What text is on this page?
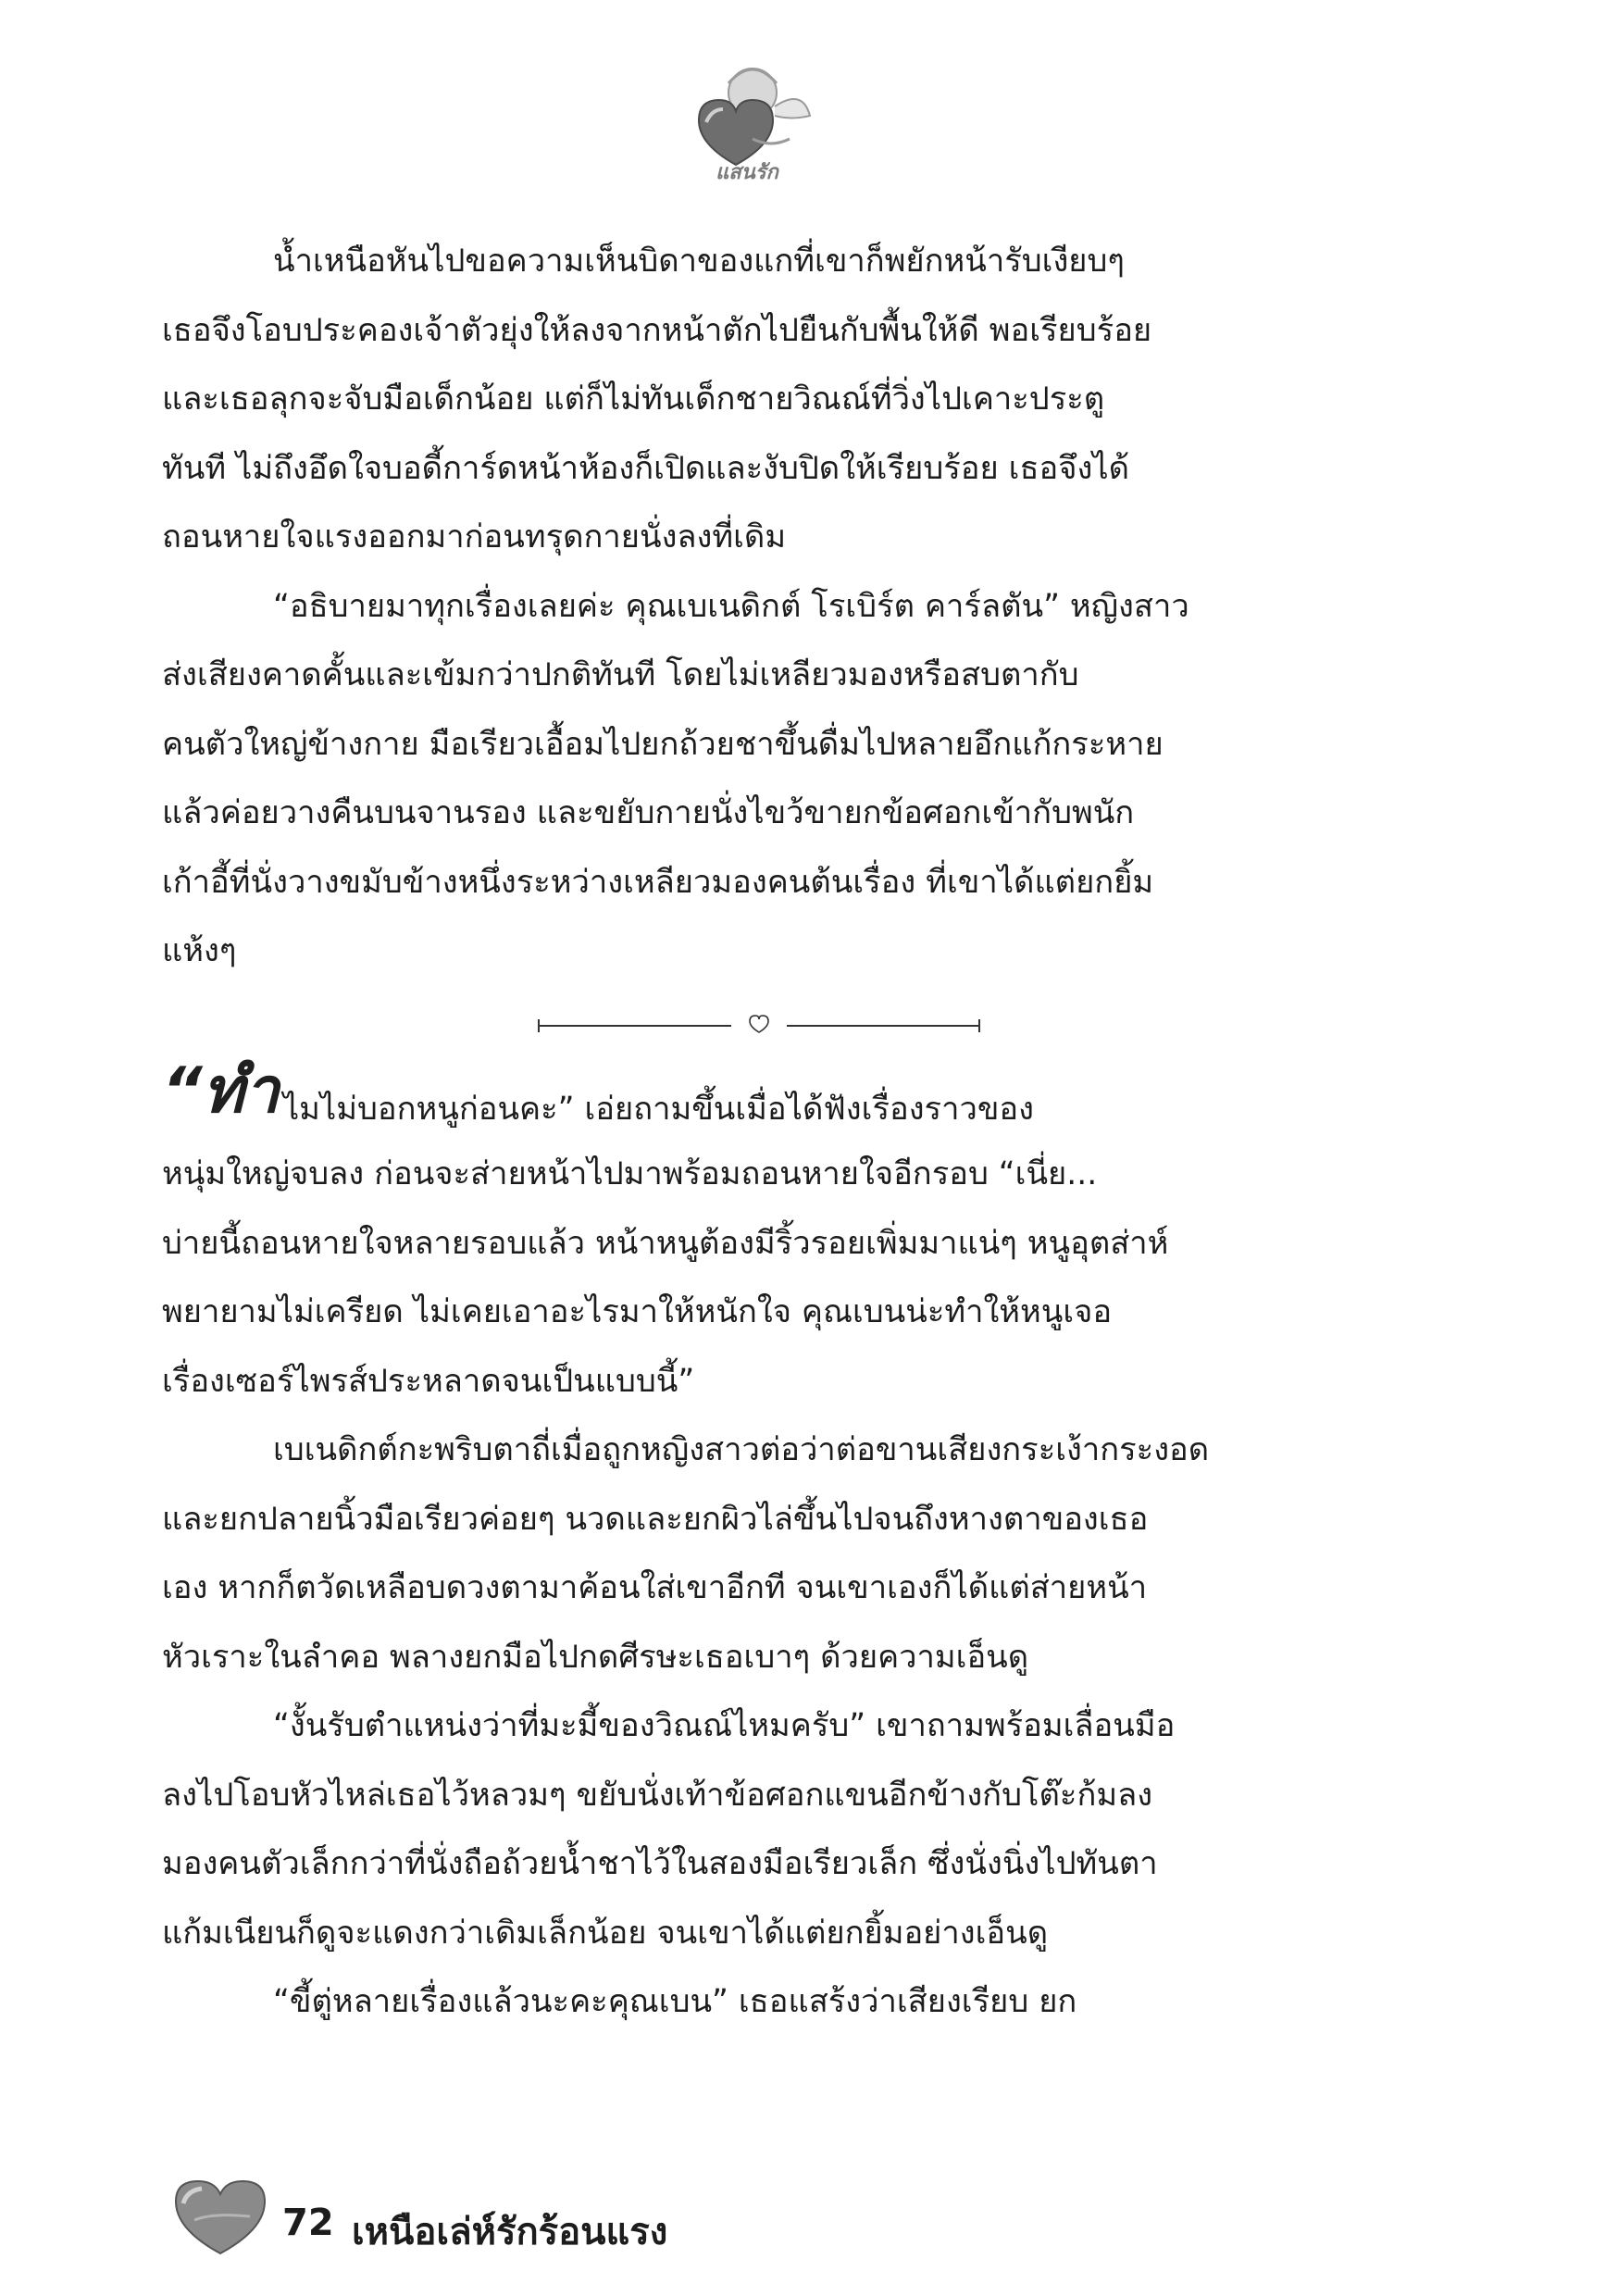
แสนรัก
น้ำเหนือหันไปขอความเห็นบิดาของแกที่เขาก็พยักหน้ารับเงียบๆ
เธอจึงโอบประคองเจ้าตัวยุ่งให้ลงจากหน้าตักไปยืนกับพื้นให้ดี พอเรียบร้อย
และเธอลุกจะจับมือเด็กน้อย แต่ก็ไม่ทันเด็กชายวิณณ์ที่วิ่งไปเคาะประตู
ทันที ไม่ถึงอึดใจบอดี้การ์ดหน้าห้องก็เปิดและงับปิดให้เรียบร้อย เธอจึงได้
ถอนหายใจแรงออกมาก่อนทรุดกายนั่งลงที่เดิม
“อธิบายมาทุกเรื่องเลยค่ะ คุณเบเนดิกต์ โรเบิร์ต คาร์ลตัน” หญิงสาว
ส่งเสียงคาดคั้นและเข้มกว่าปกติทันที โดยไม่เหลียวมองหรือสบตากับ
คนตัวใหญ่ข้างกาย มือเรียวเอื้อมไปยกถ้วยชาขึ้นดื่มไปหลายอึกแก้กระหาย
แล้วค่อยวางคืนบนจานรอง และขยับกายนั่งไขว้ขายกข้อศอกเข้ากับพนัก
เก้าอี้ที่นั่งวางขมับข้างหนึ่งระหว่างเหลียวมองคนต้นเรื่อง ที่เขาได้แต่ยกยิ้ม
แห้งๆ
“ทำ ไมไม่บอกหนูก่อนคะ” เอ่ยถามขึ้นเมื่อได้ฟังเรื่องราวของ
หนุ่มใหญ่จบลง ก่อนจะส่ายหน้าไปมาพร้อมถอนหายใจอีกรอบ “เนี่ย...
บ่ายนี้ถอนหายใจหลายรอบแล้ว หน้าหนูต้องมีริ้วรอยเพิ่มมาแน่ๆ หนูอุตส่าห์
พยายามไม่เครียด ไม่เคยเอาอะไรมาให้หนักใจ คุณเบนน่ะทำให้หนูเจอ
เรื่องเซอร์ไพรส์ประหลาดจนเป็นแบบนี้”
เบเนดิกต์กะพริบตาถี่เมื่อถูกหญิงสาวต่อว่าต่อขานเสียงกระเง้ากระงอด
และยกปลายนิ้วมือเรียวค่อยๆ นวดและยกผิวไล่ขึ้นไปจนถึงหางตาของเธอ
เอง หากก็ตวัดเหลือบดวงตามาค้อนใส่เขาอีกที จนเขาเองก็ได้แต่ส่ายหน้า
หัวเราะในลำคอ พลางยกมือไปกดศีรษะเธอเบาๆ ด้วยความเอ็นดู
“งั้นรับตำแหน่งว่าที่มะมี้ของวิณณ์ไหมครับ” เขาถามพร้อมเลื่อนมือ
ลงไปโอบหัวไหล่เธอไว้หลวมๆ ขยับนั่งเท้าข้อศอกแขนอีกข้างกับโต๊ะก้มลง
มองคนตัวเล็กกว่าที่นั่งถือถ้วยน้ำชาไว้ในสองมือเรียวเล็ก ซึ่งนั่งนิ่งไปทันตา
แก้มเนียนก็ดูจะแดงกว่าเดิมเล็กน้อย จนเขาได้แต่ยกยิ้มอย่างเอ็นดู
“ขี้ตู่หลายเรื่องแล้วนะคะคุณเบน” เธอแสร้งว่าเสียงเรียบ ยก
72 เหนือเล่ห์รักร้อนแรง
